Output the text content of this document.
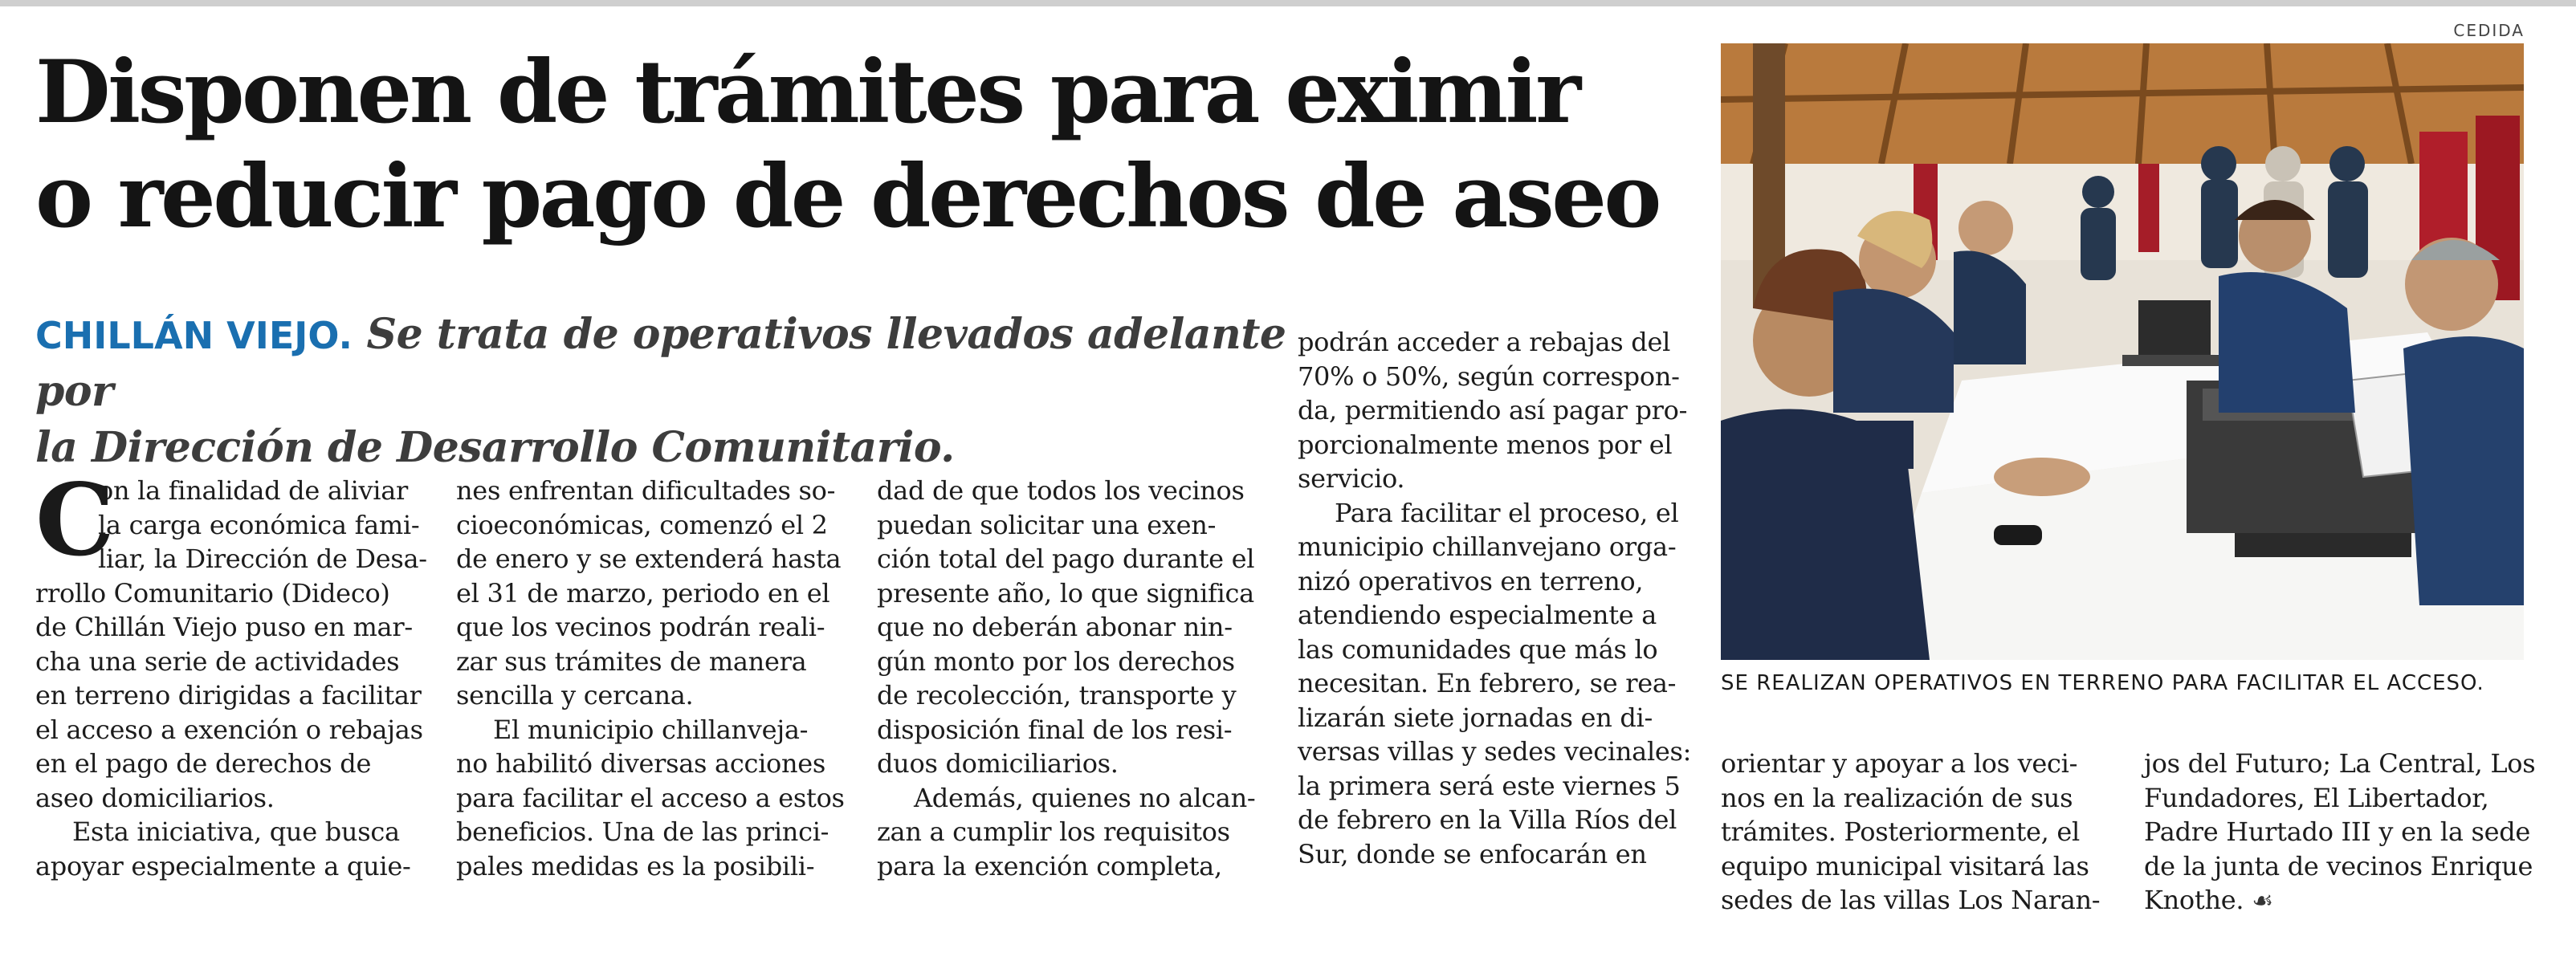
Disponen de trámites para eximir
o reducir pago de derechos de aseo
CHILLÁN VIEJO. Se trata de operativos llevados adelante por
la Dirección de Desarrollo Comunitario.
C
on la finalidad de aliviar
la carga económica fami-
liar, la Dirección de Desa-

rrollo Comunitario (Dideco)
de Chillán Viejo puso en mar-
cha una serie de actividades
en terreno dirigidas a facilitar
el acceso a exención o rebajas
en el pago de derechos de
aseo domiciliarios.

Esta iniciativa, que busca
apoyar especialmente a quie-

nes enfrentan dificultades so-
cioeconómicas, comenzó el 2
de enero y se extenderá hasta
el 31 de marzo, periodo en el
que los vecinos podrán reali-
zar sus trámites de manera
sencilla y cercana.

El municipio chillanveja-
no habilitó diversas acciones
para facilitar el acceso a estos
beneficios. Una de las princi-
pales medidas es la posibili-

dad de que todos los vecinos
puedan solicitar una exen-
ción total del pago durante el
presente año, lo que significa
que no deberán abonar nin-
gún monto por los derechos
de recolección, transporte y
disposición final de los resi-
duos domiciliarios.

Además, quienes no alcan-
zan a cumplir los requisitos
para la exención completa,

podrán acceder a rebajas del
70% o 50%, según correspon-
da, permitiendo así pagar pro-
porcionalmente menos por el
servicio.

Para facilitar el proceso, el
municipio chillanvejano orga-
nizó operativos en terreno,
atendiendo especialmente a
las comunidades que más lo
necesitan. En febrero, se rea-
lizarán siete jornadas en di-
versas villas y sedes vecinales:
la primera será este viernes 5
de febrero en la Villa Ríos del
Sur, donde se enfocarán en

orientar y apoyar a los veci-
nos en la realización de sus
trámites. Posteriormente, el
equipo municipal visitará las
sedes de las villas Los Naran-

jos del Futuro; La Central, Los
Fundadores, El Libertador,
Padre Hurtado III y en la sede
de la junta de vecinos Enrique
Knothe. ☙

CEDIDA
SE REALIZAN OPERATIVOS EN TERRENO PARA FACILITAR EL ACCESO.
